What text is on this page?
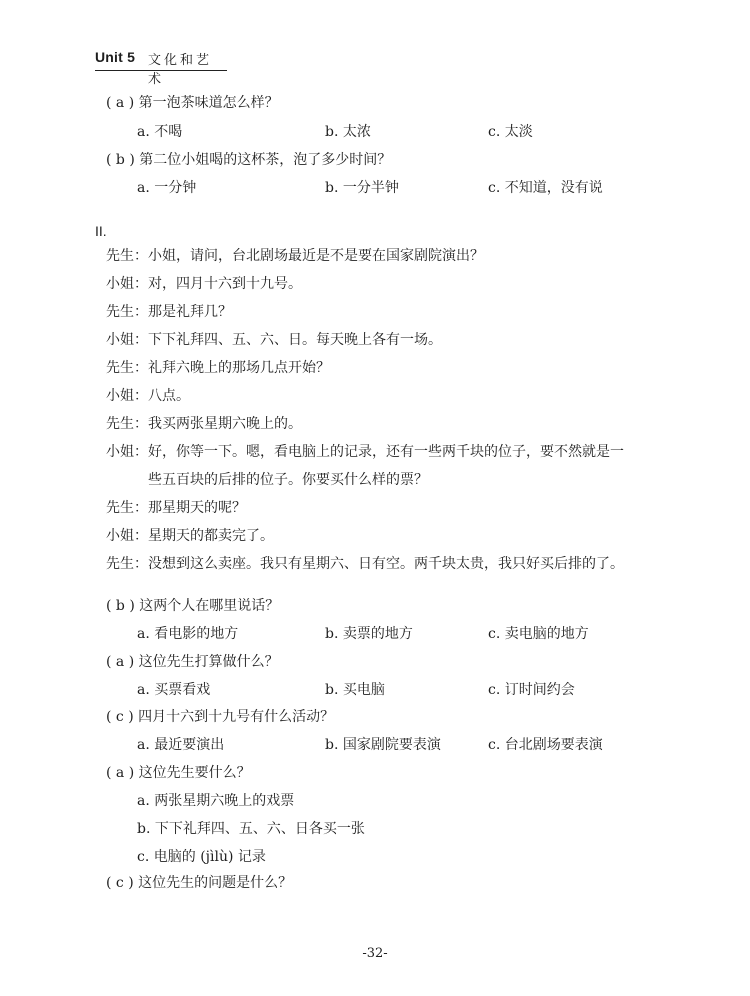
Unit 5 文化和艺术
( a ) 第一泡茶味道怎么样？
a. 不喝	b. 太浓	c. 太淡
( b ) 第二位小姐喝的这杯茶，泡了多少时间？
a. 一分钟	b. 一分半钟	c. 不知道，没有说
II.
先生：小姐，请问，台北剧场最近是不是要在国家剧院演出？
小姐：对，四月十六到十九号。
先生：那是礼拜几？
小姐：下下礼拜四、五、六、日。每天晚上各有一场。
先生：礼拜六晚上的那场几点开始？
小姐：八点。
先生：我买两张星期六晚上的。
小姐：好，你等一下。嗯，看电脑上的记录，还有一些两千块的位子，要不然就是一
些五百块的后排的位子。你要买什么样的票？
先生：那星期天的呢？
小姐：星期天的都卖完了。
先生：没想到这么卖座。我只有星期六、日有空。两千块太贵，我只好买后排的了。
( b ) 这两个人在哪里说话？
a. 看电影的地方	b. 卖票的地方	c. 卖电脑的地方
( a ) 这位先生打算做什么？
a. 买票看戏	b. 买电脑	c. 订时间约会
( c ) 四月十六到十九号有什么活动？
a. 最近要演出	b. 国家剧院要表演	c. 台北剧场要表演
( a ) 这位先生要什么？
a. 两张星期六晚上的戏票
b. 下下礼拜四、五、六、日各买一张
c. 电脑的 (jìlù) 记录
( c ) 这位先生的问题是什么？
-32-
